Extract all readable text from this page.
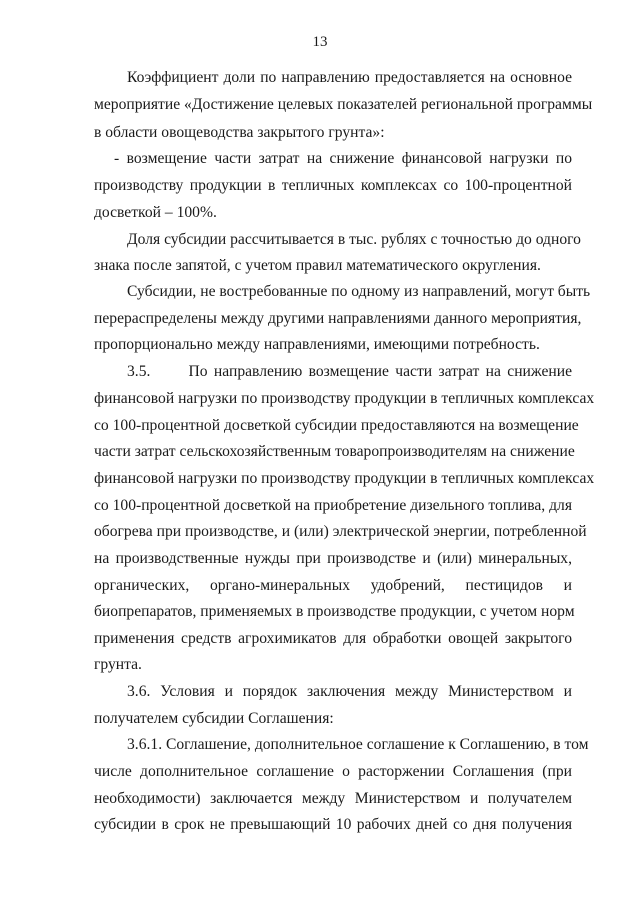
13
Коэффициент доли по направлению предоставляется на основное
мероприятие «Достижение целевых показателей региональной программы
в области овощеводства закрытого грунта»:
- возмещение части затрат на снижение финансовой нагрузки по
производству продукции в тепличных комплексах со 100-процентной
досветкой – 100%.
Доля субсидии рассчитывается в тыс. рублях с точностью до одного
знака после запятой, с учетом правил математического округления.
Субсидии, не востребованные по одному из направлений, могут быть
перераспределены между другими направлениями данного мероприятия,
пропорционально между направлениями, имеющими потребность.
3.5.      По направлению возмещение части затрат на снижение
финансовой нагрузки по производству продукции в тепличных комплексах
со 100-процентной досветкой субсидии предоставляются на возмещение
части затрат сельскохозяйственным товаропроизводителям на снижение
финансовой нагрузки по производству продукции в тепличных комплексах
со 100-процентной досветкой на приобретение дизельного топлива, для
обогрева при производстве, и (или) электрической энергии, потребленной
на производственные нужды при производстве и (или) минеральных,
органических, органо-минеральных удобрений, пестицидов и
биопрепаратов, применяемых в производстве продукции, с учетом норм
применения средств агрохимикатов для обработки овощей закрытого
грунта.
3.6. Условия и порядок заключения между Министерством и
получателем субсидии Соглашения:
3.6.1. Соглашение, дополнительное соглашение к Соглашению, в том
числе дополнительное соглашение о расторжении Соглашения (при
необходимости) заключается между Министерством и получателем
субсидии в срок не превышающий 10 рабочих дней со дня получения
